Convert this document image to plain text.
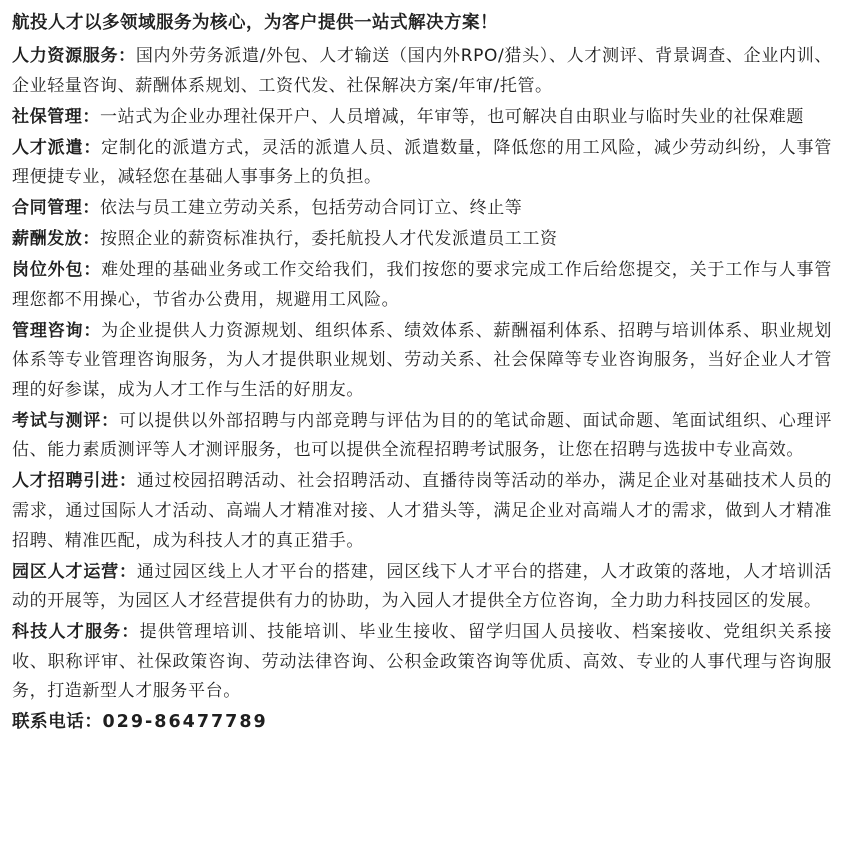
航投人才以多领域服务为核心，为客户提供一站式解决方案！

人力资源服务：国内外劳务派遣/外包、人才输送（国内外RPO/猎头）、人才测评、背景调查、企业内训、企业轻量咨询、薪酬体系规划、工资代发、社保解决方案/年审/托管。

社保管理：一站式为企业办理社保开户、人员增减，年审等，也可解决自由职业与临时失业的社保难题

人才派遣：定制化的派遣方式，灵活的派遣人员、派遣数量，降低您的用工风险，减少劳动纠纷，人事管理便捷专业，减轻您在基础人事事务上的负担。

合同管理：依法与员工建立劳动关系，包括劳动合同订立、终止等

薪酬发放：按照企业的薪资标准执行，委托航投人才代发派遣员工工资

岗位外包：难处理的基础业务或工作交给我们，我们按您的要求完成工作后给您提交，关于工作与人事管理您都不用操心，节省办公费用，规避用工风险。

管理咨询：为企业提供人力资源规划、组织体系、绩效体系、薪酬福利体系、招聘与培训体系、职业规划体系等专业管理咨询服务，为人才提供职业规划、劳动关系、社会保障等专业咨询服务，当好企业人才管理的好参谋，成为人才工作与生活的好朋友。

考试与测评：可以提供以外部招聘与内部竞聘与评估为目的的笔试命题、面试命题、笔面试组织、心理评估、能力素质测评等人才测评服务，也可以提供全流程招聘考试服务，让您在招聘与选拔中专业高效。

人才招聘引进：通过校园招聘活动、社会招聘活动、直播待岗等活动的举办，满足企业对基础技术人员的需求，通过国际人才活动、高端人才精准对接、人才猎头等，满足企业对高端人才的需求，做到人才精准招聘、精准匹配，成为科技人才的真正猎手。

园区人才运营：通过园区线上人才平台的搭建，园区线下人才平台的搭建，人才政策的落地，人才培训活动的开展等，为园区人才经营提供有力的协助，为入园人才提供全方位咨询，全力助力科技园区的发展。

科技人才服务：提供管理培训、技能培训、毕业生接收、留学归国人员接收、档案接收、党组织关系接收、职称评审、社保政策咨询、劳动法律咨询、公积金政策咨询等优质、高效、专业的人事代理与咨询服务，打造新型人才服务平台。

联系电话：029-86477789
